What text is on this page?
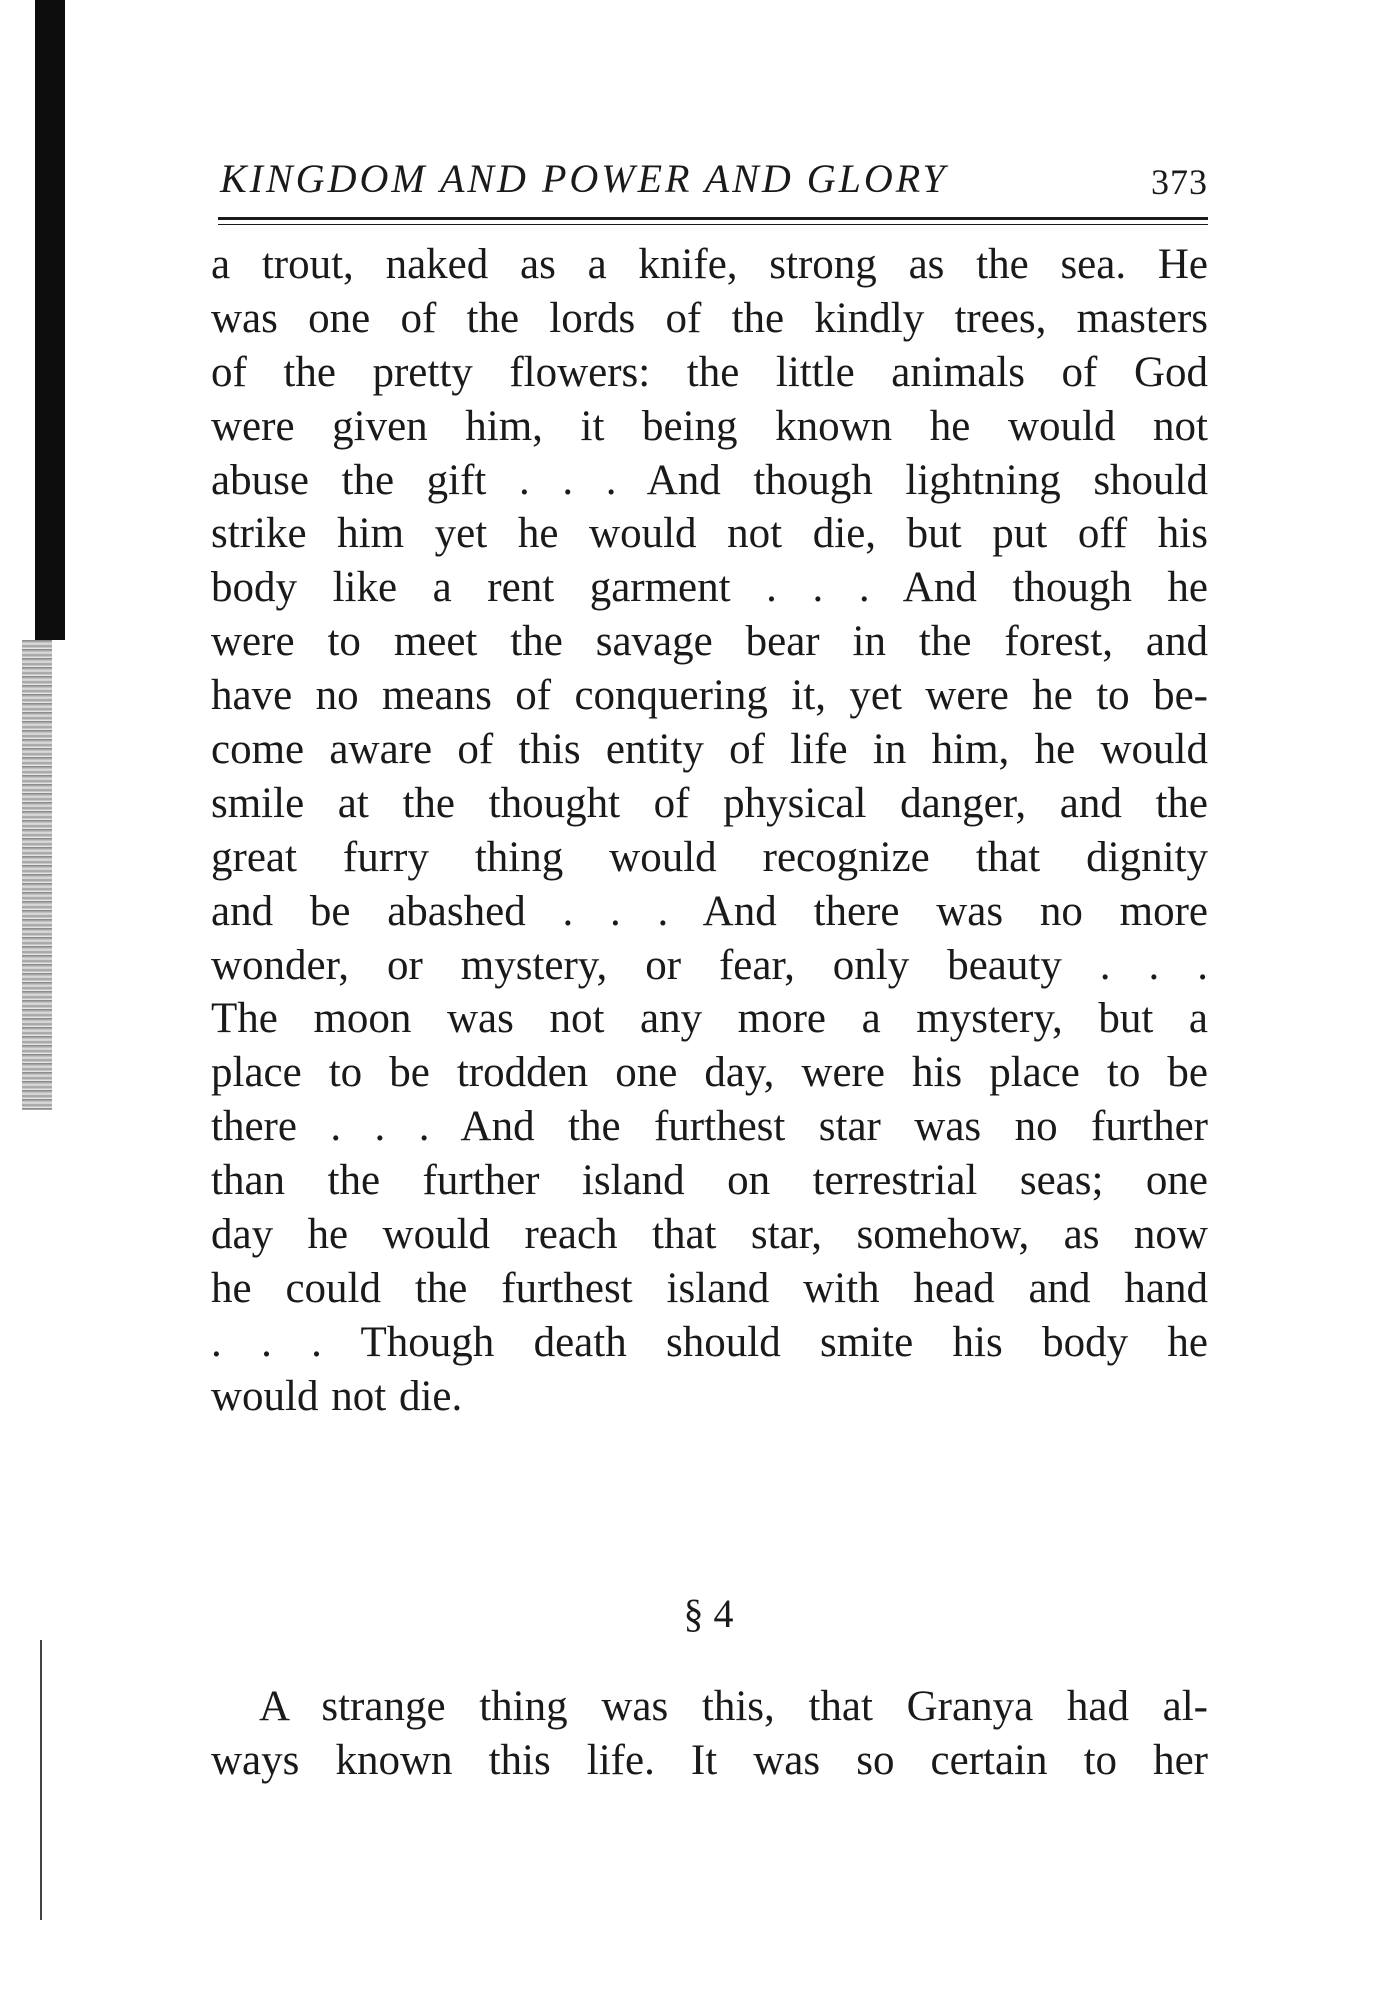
KINGDOM AND POWER AND GLORY	373
a trout, naked as a knife, strong as the sea. He
was one of the lords of the kindly trees, masters
of the pretty flowers: the little animals of God
were given him, it being known he would not
abuse the gift . . . And though lightning should
strike him yet he would not die, but put off his
body like a rent garment . . . And though he
were to meet the savage bear in the forest, and
have no means of conquering it, yet were he to be-
come aware of this entity of life in him, he would
smile at the thought of physical danger, and the
great furry thing would recognize that dignity
and be abashed . . . And there was no more
wonder, or mystery, or fear, only beauty . . .
The moon was not any more a mystery, but a
place to be trodden one day, were his place to be
there . . . And the furthest star was no further
than the further island on terrestrial seas; one
day he would reach that star, somehow, as now
he could the furthest island with head and hand
. . . Though death should smite his body he
would not die.
§ 4
A strange thing was this, that Granya had al-
ways known this life. It was so certain to her
